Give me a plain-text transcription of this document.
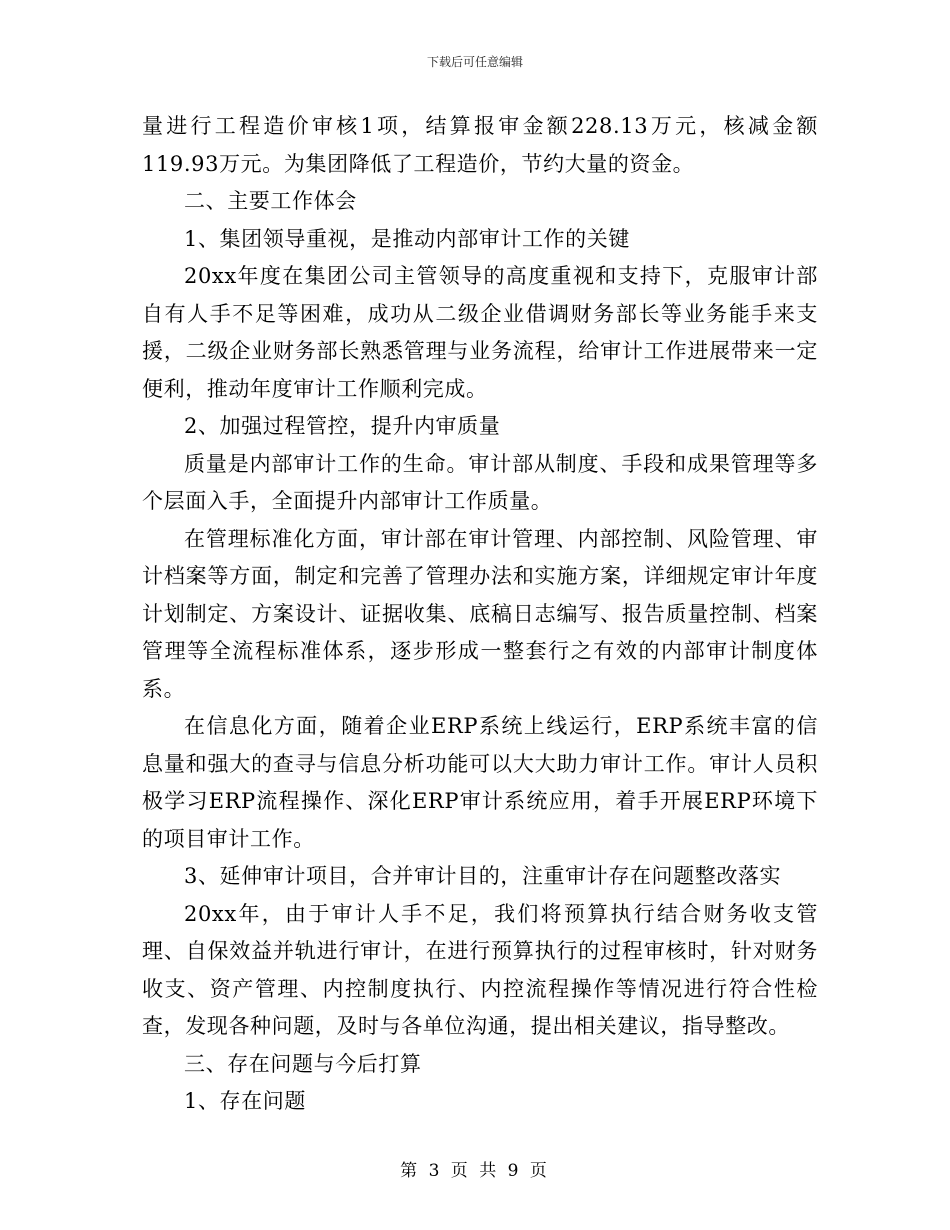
下载后可任意编辑

量进行工程造价审核1项，结算报审金额228.13万元，核减金额119.93万元。为集团降低了工程造价，节约大量的资金。

二、主要工作体会

1、集团领导重视，是推动内部审计工作的关键

20xx年度在集团公司主管领导的高度重视和支持下，克服审计部自有人手不足等困难，成功从二级企业借调财务部长等业务能手来支援，二级企业财务部长熟悉管理与业务流程，给审计工作进展带来一定便利，推动年度审计工作顺利完成。

2、加强过程管控，提升内审质量

质量是内部审计工作的生命。审计部从制度、手段和成果管理等多个层面入手，全面提升内部审计工作质量。

在管理标准化方面，审计部在审计管理、内部控制、风险管理、审计档案等方面，制定和完善了管理办法和实施方案，详细规定审计年度计划制定、方案设计、证据收集、底稿日志编写、报告质量控制、档案管理等全流程标准体系，逐步形成一整套行之有效的内部审计制度体系。

在信息化方面，随着企业ERP系统上线运行，ERP系统丰富的信息量和强大的查寻与信息分析功能可以大大助力审计工作。审计人员积极学习ERP流程操作、深化ERP审计系统应用，着手开展ERP环境下的项目审计工作。

3、延伸审计项目，合并审计目的，注重审计存在问题整改落实

20xx年，由于审计人手不足，我们将预算执行结合财务收支管理、自保效益并轨进行审计，在进行预算执行的过程审核时，针对财务收支、资产管理、内控制度执行、内控流程操作等情况进行符合性检查，发现各种问题，及时与各单位沟通，提出相关建议，指导整改。

三、存在问题与今后打算

1、存在问题

第 3 页 共 9 页
